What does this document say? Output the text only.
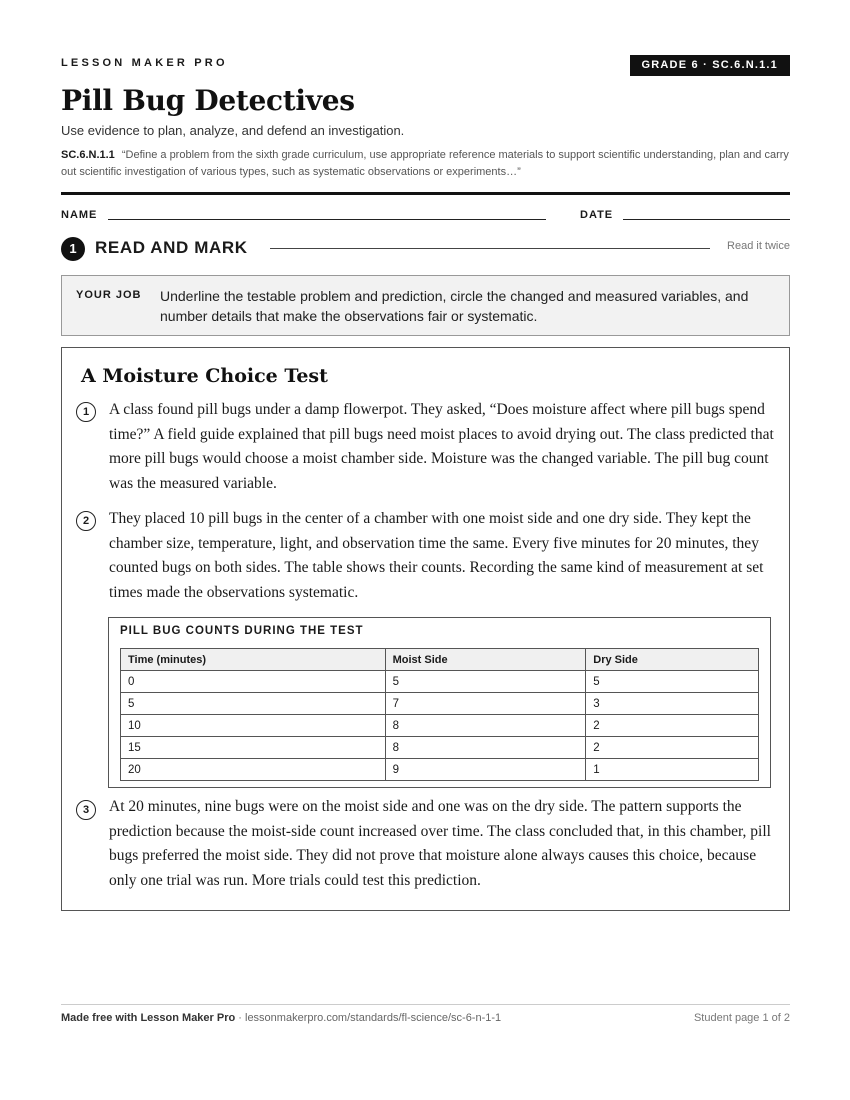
LESSON MAKER PRO	GRADE 6 · SC.6.N.1.1
Pill Bug Detectives
Use evidence to plan, analyze, and defend an investigation.
SC.6.N.1.1 “Define a problem from the sixth grade curriculum, use appropriate reference materials to support scientific understanding, plan and carry out scientific investigation of various types, such as systematic observations or experiments…”
NAME	DATE
1	READ AND MARK	Read it twice
YOUR JOB Underline the testable problem and prediction, circle the changed and measured variables, and number details that make the observations fair or systematic.
A Moisture Choice Test
1	A class found pill bugs under a damp flowerpot. They asked, “Does moisture affect where pill bugs spend time?” A field guide explained that pill bugs need moist places to avoid drying out. The class predicted that more pill bugs would choose a moist chamber side. Moisture was the changed variable. The pill bug count was the measured variable.
2	They placed 10 pill bugs in the center of a chamber with one moist side and one dry side. They kept the chamber size, temperature, light, and observation time the same. Every five minutes for 20 minutes, they counted bugs on both sides. The table shows their counts. Recording the same kind of measurement at set times made the observations systematic.
PILL BUG COUNTS DURING THE TEST
Time (minutes)	Moist Side	Dry Side
0	5	5
5	7	3
10	8	2
15	8	2
20	9	1
3	At 20 minutes, nine bugs were on the moist side and one was on the dry side. The pattern supports the prediction because the moist-side count increased over time. The class concluded that, in this chamber, pill bugs preferred the moist side. They did not prove that moisture alone always causes this choice, because only one trial was run. More trials could test this prediction.
Made free with Lesson Maker Pro · lessonmakerpro.com/standards/fl-science/sc-6-n-1-1	Student page 1 of 2
